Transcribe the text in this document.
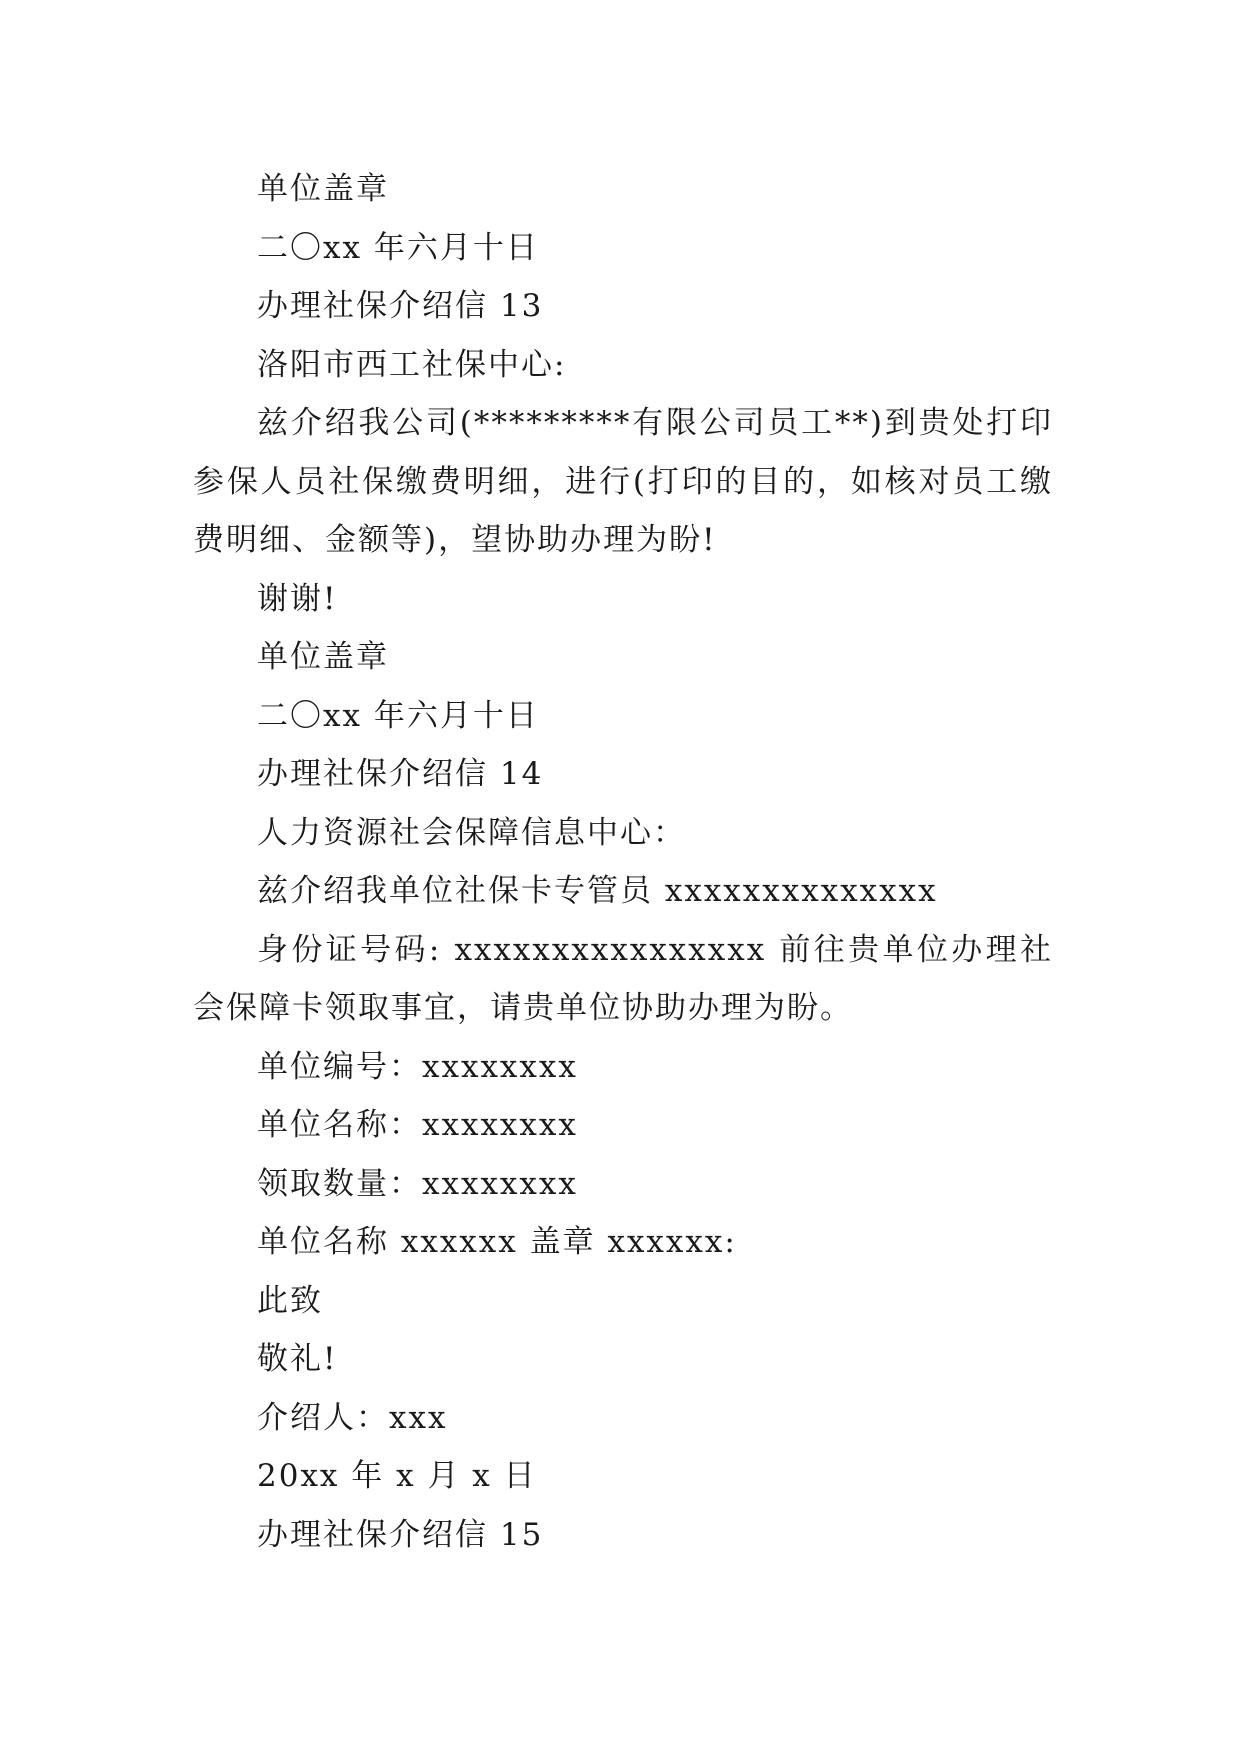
单位盖章
二〇xx 年六月十日
办理社保介绍信 13
洛阳市西工社保中心:
兹介绍我公司(*********有限公司员工**)到贵处打印参保人员社保缴费明细，进行(打印的目的，如核对员工缴费明细、金额等)，望协助办理为盼!
谢谢!
单位盖章
二〇xx 年六月十日
办理社保介绍信 14
人力资源社会保障信息中心：
兹介绍我单位社保卡专管员 xxxxxxxxxxxxxx
身份证号码: xxxxxxxxxxxxxxxx 前往贵单位办理社会保障卡领取事宜，请贵单位协助办理为盼。
单位编号：xxxxxxxx
单位名称：xxxxxxxx
领取数量：xxxxxxxx
单位名称 xxxxxx 盖章 xxxxxx:
此致
敬礼!
介绍人：xxx
20xx 年 x 月 x 日
办理社保介绍信 15
